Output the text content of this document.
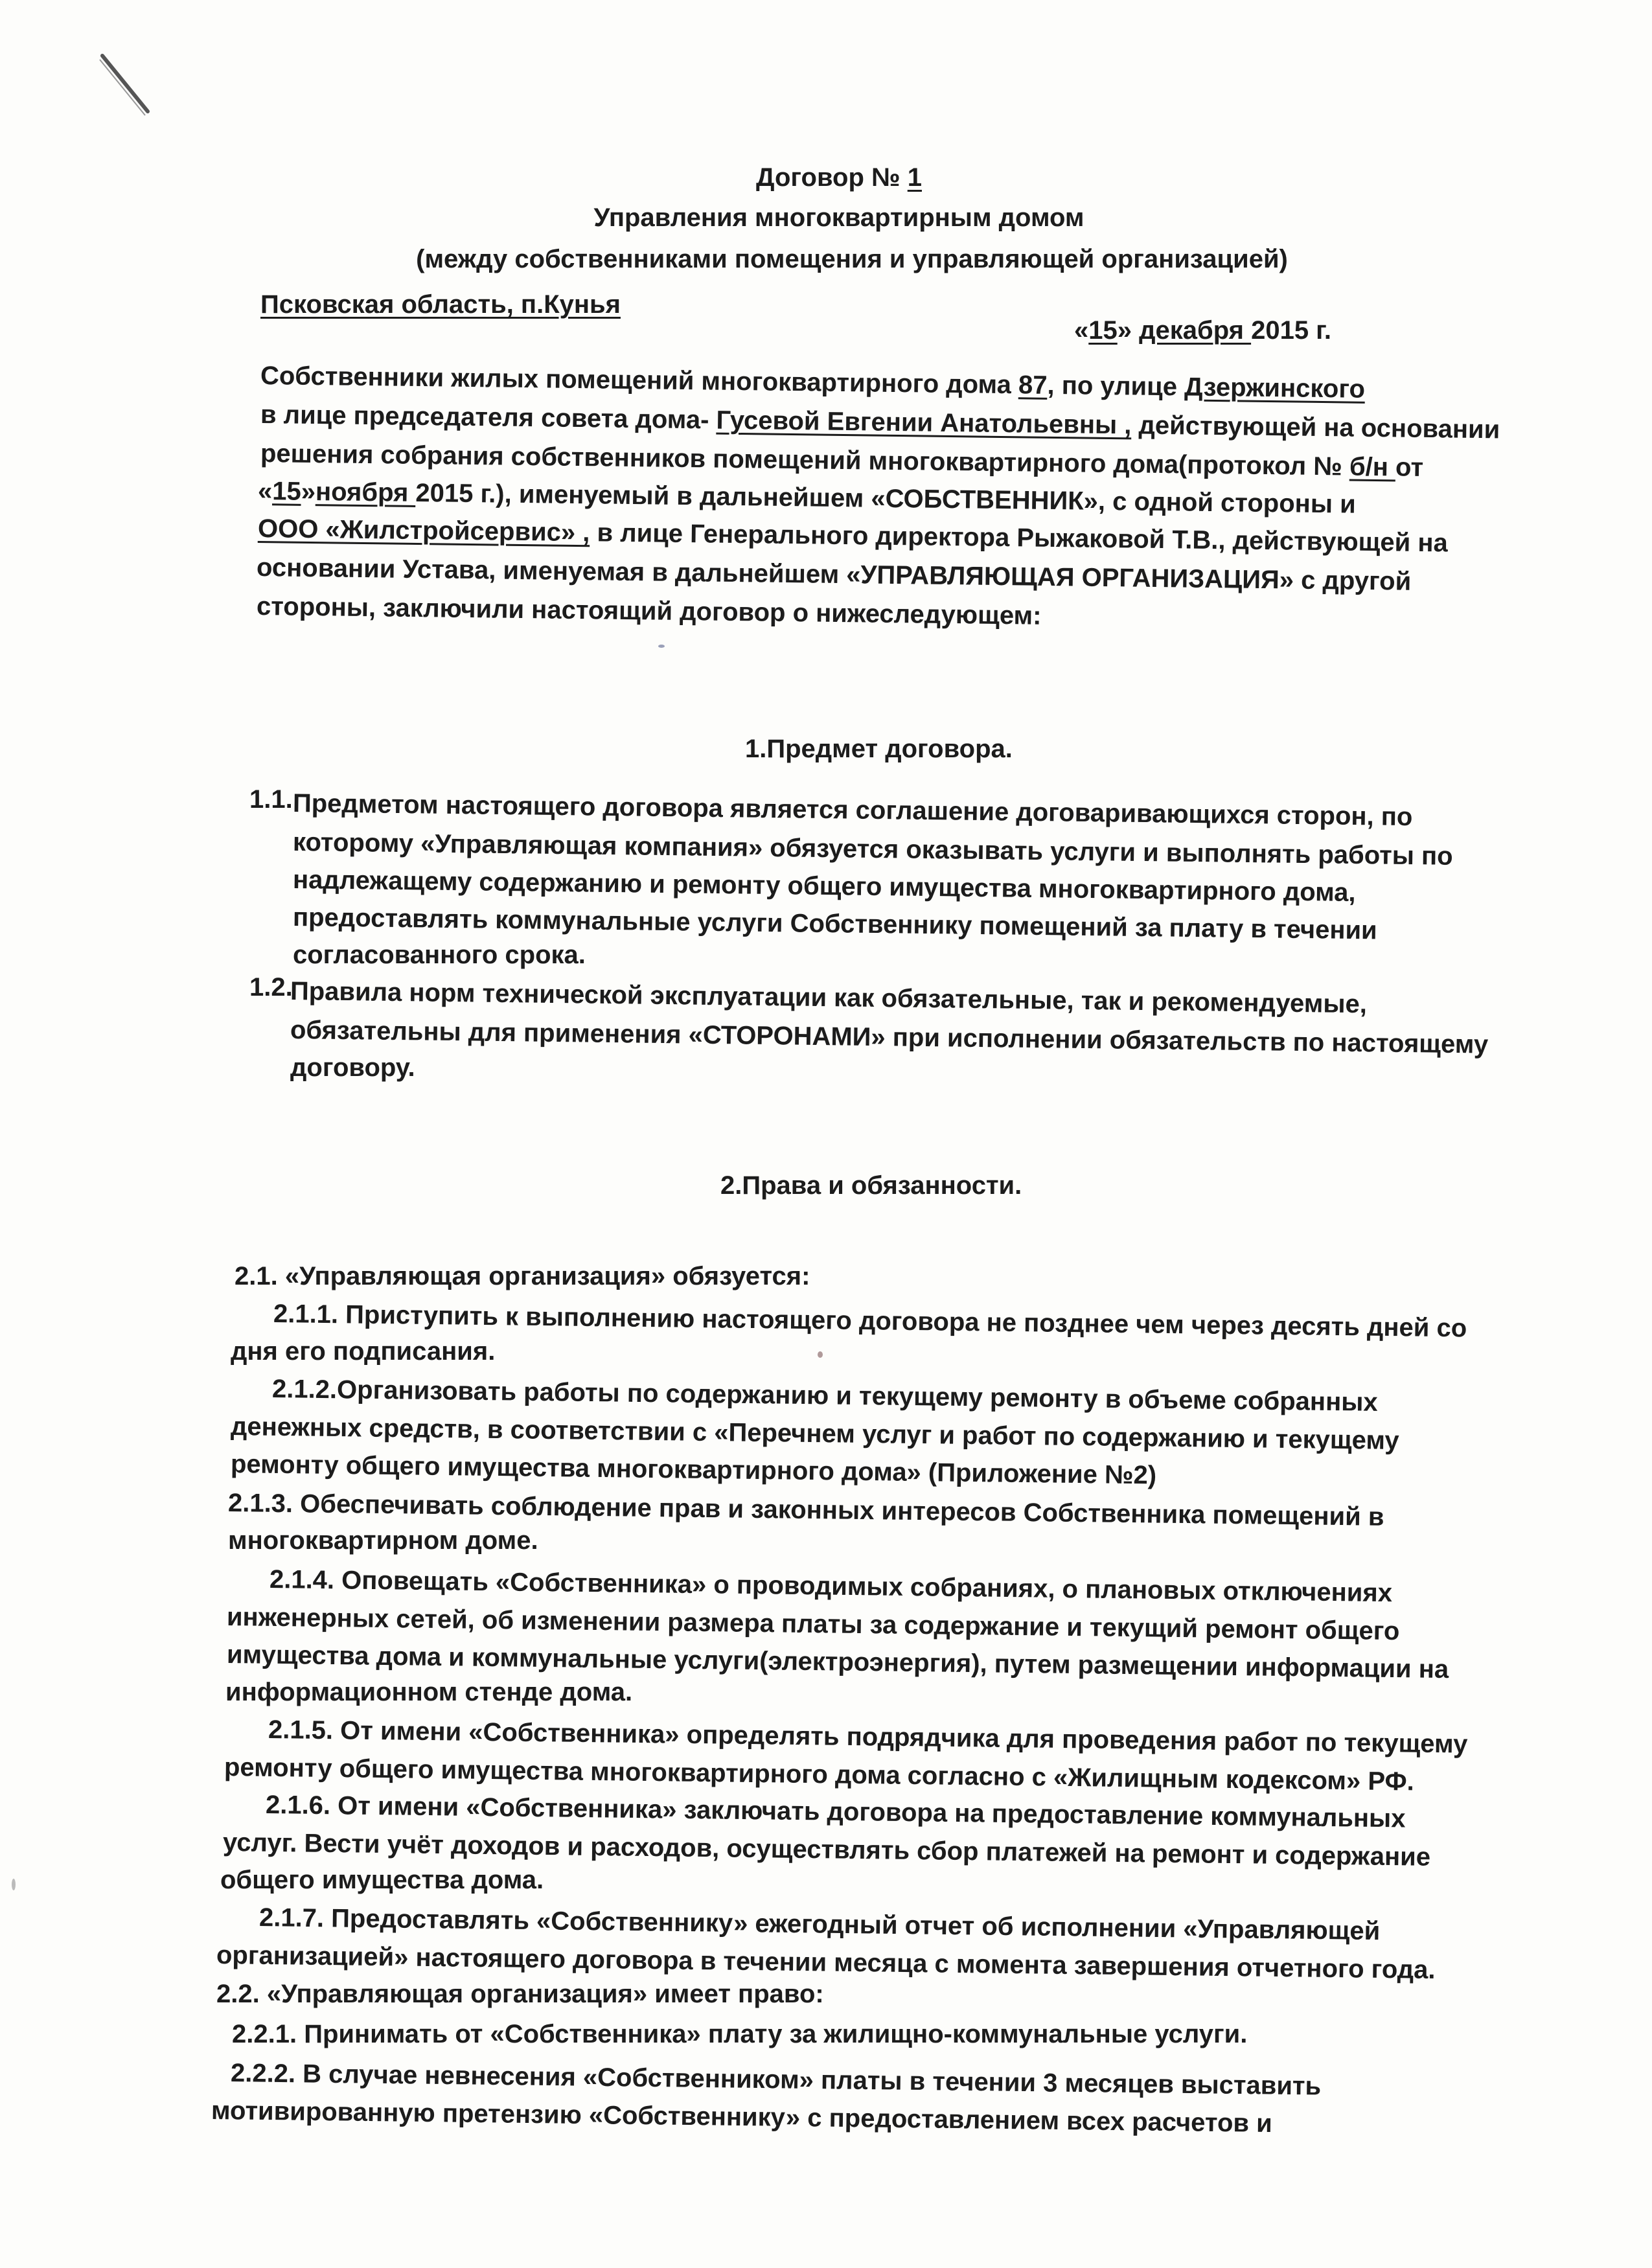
Договор № 1
Управления многоквартирным домом
(между собственниками помещения и управляющей организацией)
Псковская область, п.Кунья
«15» декабря 2015 г.
Собственники жилых помещений многоквартирного дома 87, по улице Дзержинского
в лице председателя совета дома- Гусевой Евгении Анатольевны , действующей на основании
решения собрания собственников помещений многоквартирного дома(протокол № б/н от
«15»ноября 2015 г.), именуемый в дальнейшем «СОБСТВЕННИК», с одной стороны и
ООО «Жилстройсервис» , в лице Генерального директора Рыжаковой Т.В., действующей на
основании Устава, именуемая в дальнейшем «УПРАВЛЯЮЩАЯ ОРГАНИЗАЦИЯ» с другой
стороны, заключили настоящий договор о нижеследующем:
1.Предмет договора.
1.1. Предметом настоящего договора является соглашение договаривающихся сторон, по
которому «Управляющая компания» обязуется оказывать услуги и выполнять работы по
надлежащему содержанию и ремонту общего имущества многоквартирного дома,
предоставлять коммунальные услуги Собственнику помещений за плату в течении
согласованного срока.
1.2.
Правила норм технической эксплуатации как обязательные, так и рекомендуемые,
обязательны для применения «СТОРОНАМИ» при исполнении обязательств по настоящему
договору.
2.Права и обязанности.
2.1. «Управляющая организация» обязуется:
2.1.1. Приступить к выполнению настоящего договора не позднее чем через десять дней со
дня его подписания.
2.1.2.Организовать работы по содержанию и текущему ремонту в объеме собранных
денежных средств, в соответствии с «Перечнем услуг и работ по содержанию и текущему
ремонту общего имущества многоквартирного дома» (Приложение №2)
2.1.3. Обеспечивать соблюдение прав и законных интересов Собственника помещений в
многоквартирном доме.
2.1.4. Оповещать «Собственника» о проводимых собраниях, о плановых отключениях
инженерных сетей, об изменении размера платы за содержание и текущий ремонт общего
имущества дома и коммунальные услуги(электроэнергия), путем размещении информации на
информационном стенде дома.
2.1.5. От имени «Собственника» определять подрядчика для проведения работ по текущему
ремонту общего имущества многоквартирного дома согласно с «Жилищным кодексом» РФ.
2.1.6. От имени «Собственника» заключать договора на предоставление коммунальных
услуг. Вести учёт доходов и расходов, осуществлять сбор платежей на ремонт и содержание
общего имущества дома.
2.1.7. Предоставлять «Собственнику» ежегодный отчет об исполнении «Управляющей
организацией» настоящего договора в течении месяца с момента завершения отчетного года.
2.2. «Управляющая организация» имеет право:
2.2.1. Принимать от «Собственника» плату за жилищно-коммунальные услуги.
2.2.2. В случае невнесения «Собственником» платы в течении 3 месяцев выставить
мотивированную претензию «Собственнику» с предоставлением всех расчетов и
